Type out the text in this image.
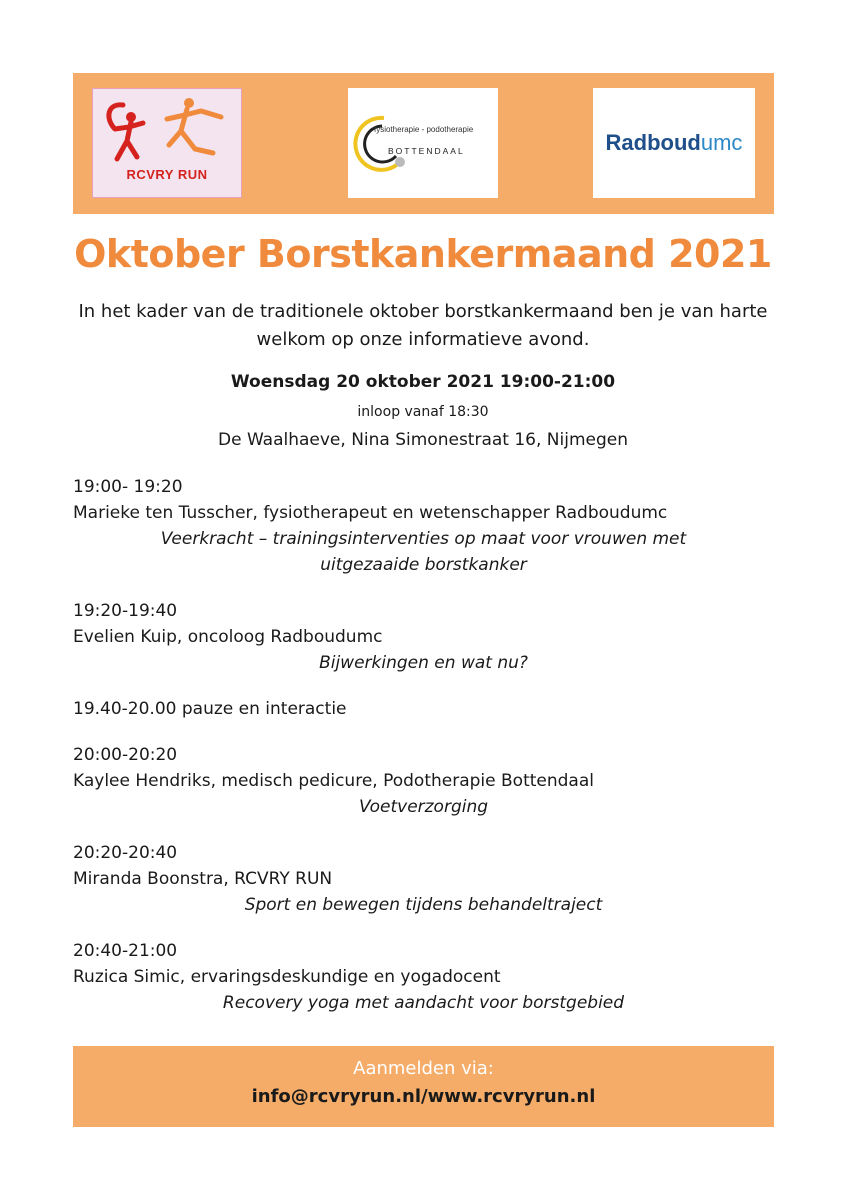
RCVRY RUN
fysiotherapie - podotherapie
BOTTENDAAL	Radboudumc
Oktober Borstkankermaand 2021
In het kader van de traditionele oktober borstkankermaand ben je van harte welkom op onze informatieve avond.
Woensdag 20 oktober 2021 19:00-21:00
inloop vanaf 18:30
De Waalhaeve, Nina Simonestraat 16, Nijmegen
19:00- 19:20
Marieke ten Tusscher, fysiotherapeut en wetenschapper Radboudumc
Veerkracht – trainingsinterventies op maat voor vrouwen met uitgezaaide borstkanker
19:20-19:40
Evelien Kuip, oncoloog Radboudumc
Bijwerkingen en wat nu?
19.40-20.00 pauze en interactie
20:00-20:20
Kaylee Hendriks, medisch pedicure, Podotherapie Bottendaal
Voetverzorging
20:20-20:40
Miranda Boonstra, RCVRY RUN
Sport en bewegen tijdens behandeltraject
20:40-21:00
Ruzica Simic, ervaringsdeskundige en yogadocent
Recovery yoga met aandacht voor borstgebied
Aanmelden via:
info@rcvryrun.nl/www.rcvryrun.nl
